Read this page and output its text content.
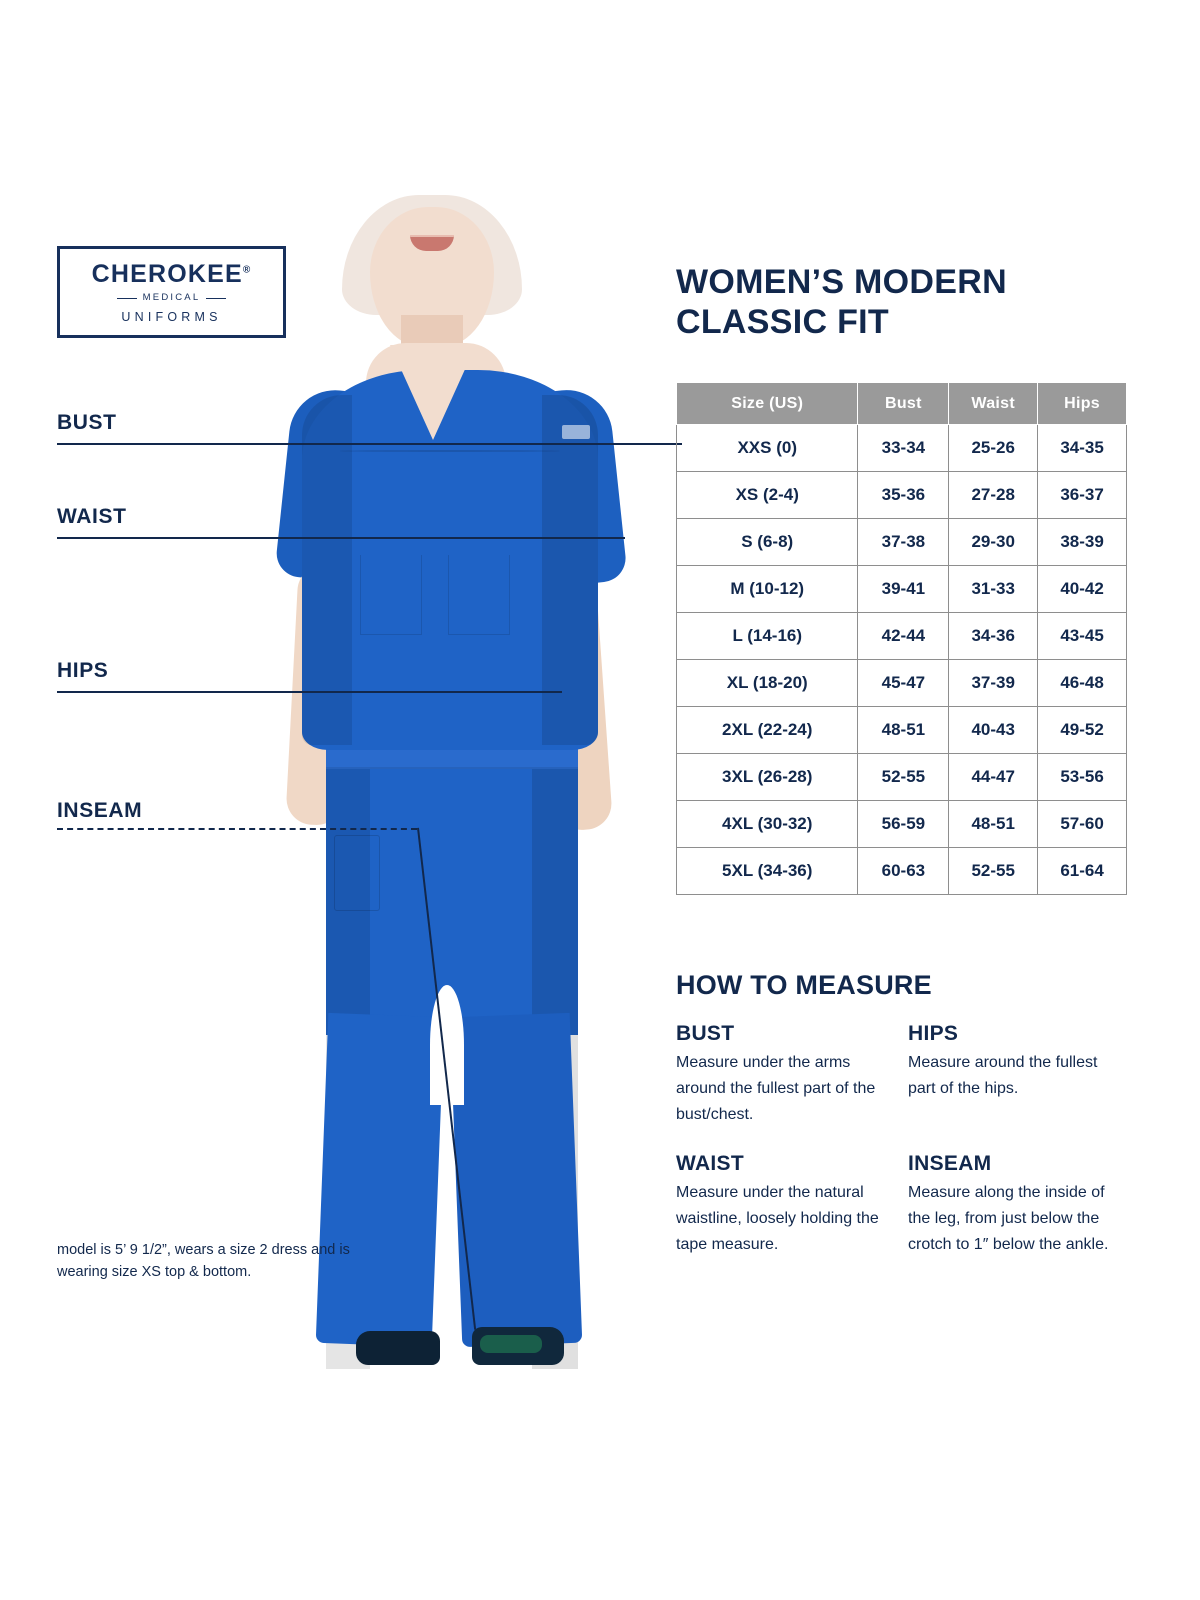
CHEROKEE®
MEDICAL
UNIFORMS
BUST
WAIST
HIPS
INSEAM
model is 5’ 9 1/2”, wears a size 2 dress and is wearing size XS top & bottom.
WOMEN’S MODERN CLASSIC FIT
Size (US)	Bust	Waist	Hips
XXS (0)	33-34	25-26	34-35
XS (2-4)	35-36	27-28	36-37
S (6-8)	37-38	29-30	38-39
M (10-12)	39-41	31-33	40-42
L (14-16)	42-44	34-36	43-45
XL (18-20)	45-47	37-39	46-48
2XL (22-24)	48-51	40-43	49-52
3XL (26-28)	52-55	44-47	53-56
4XL (30-32)	56-59	48-51	57-60
5XL (34-36)	60-63	52-55	61-64
HOW TO MEASURE
BUST

Measure under the arms around the fullest part of the bust/chest.

HIPS

Measure around the fullest part of the hips.

WAIST

Measure under the natural waistline, loosely holding the tape measure.

INSEAM

Measure along the inside of the leg, from just below the crotch to 1″ below the ankle.
